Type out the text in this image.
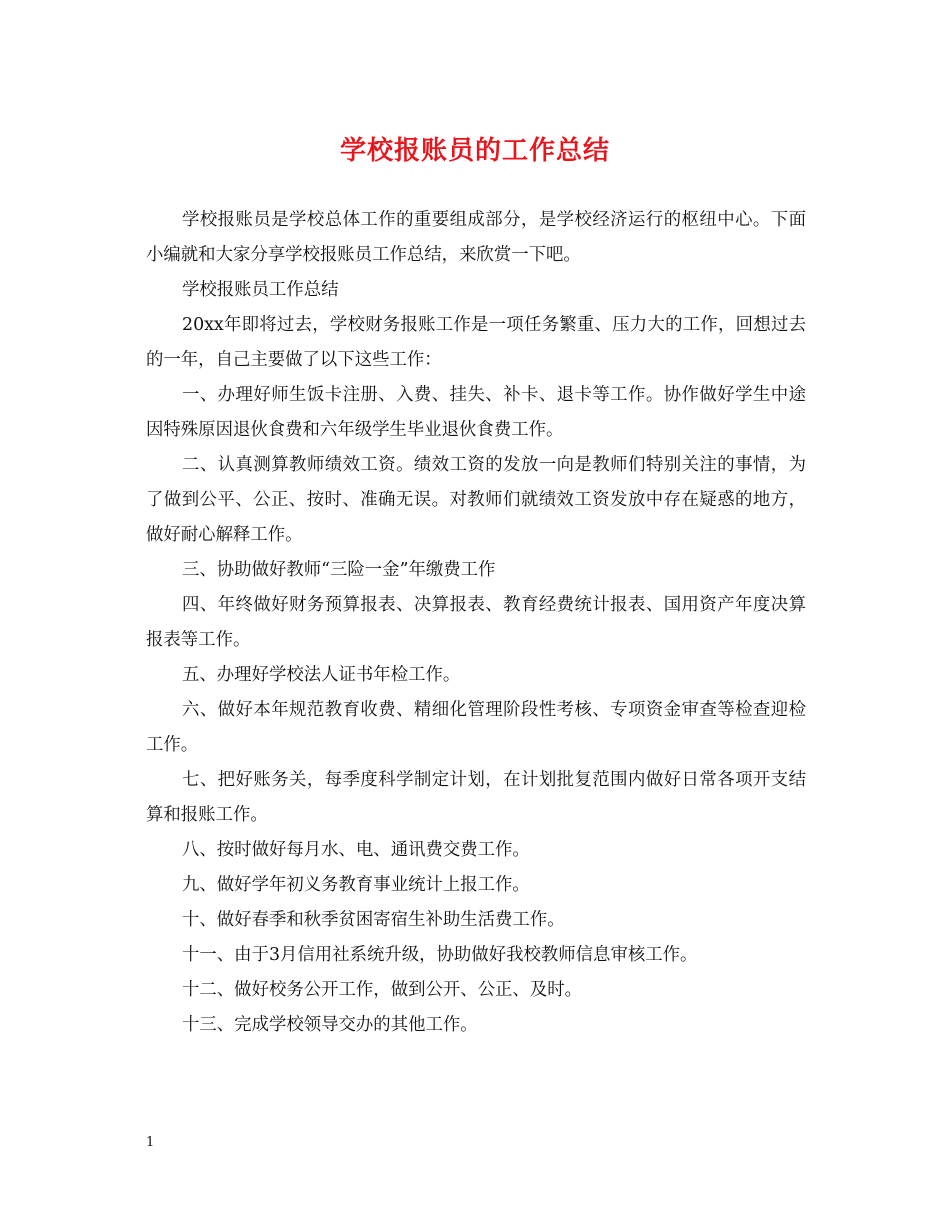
学校报账员的工作总结

学校报账员是学校总体工作的重要组成部分，是学校经济运行的枢纽中心。下面小编就和大家分享学校报账员工作总结，来欣赏一下吧。

学校报账员工作总结

20xx年即将过去，学校财务报账工作是一项任务繁重、压力大的工作，回想过去的一年，自己主要做了以下这些工作：

一、办理好师生饭卡注册、入费、挂失、补卡、退卡等工作。协作做好学生中途因特殊原因退伙食费和六年级学生毕业退伙食费工作。

二、认真测算教师绩效工资。绩效工资的发放一向是教师们特别关注的事情，为了做到公平、公正、按时、准确无误。对教师们就绩效工资发放中存在疑惑的地方，做好耐心解释工作。

三、协助做好教师“三险一金”年缴费工作

四、年终做好财务预算报表、决算报表、教育经费统计报表、国用资产年度决算报表等工作。

五、办理好学校法人证书年检工作。

六、做好本年规范教育收费、精细化管理阶段性考核、专项资金审查等检查迎检工作。

七、把好账务关，每季度科学制定计划，在计划批复范围内做好日常各项开支结算和报账工作。

八、按时做好每月水、电、通讯费交费工作。

九、做好学年初义务教育事业统计上报工作。

十、做好春季和秋季贫困寄宿生补助生活费工作。

十一、由于3月信用社系统升级，协助做好我校教师信息审核工作。

十二、做好校务公开工作，做到公开、公正、及时。

十三、完成学校领导交办的其他工作。

1
